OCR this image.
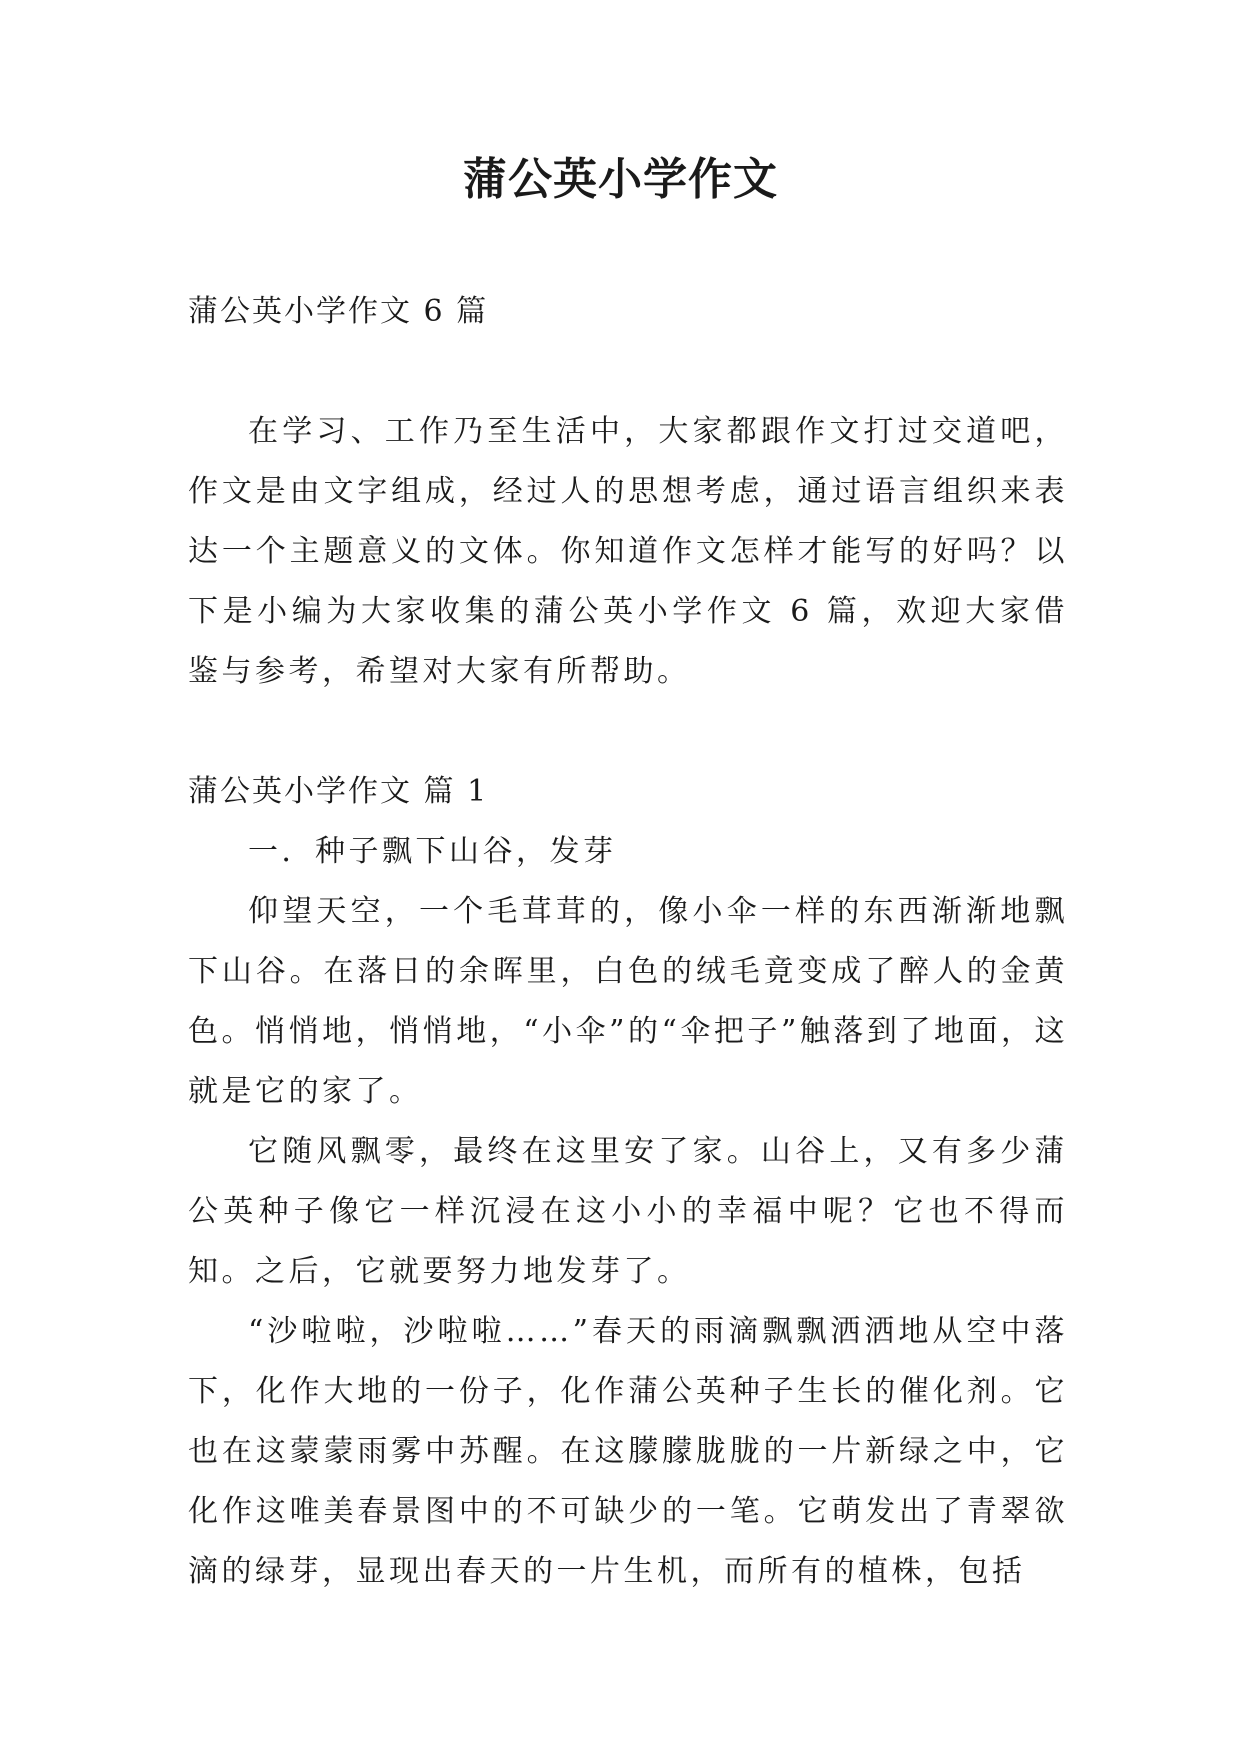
蒲公英小学作文
蒲公英小学作文 6 篇

在学习、工作乃至生活中，大家都跟作文打过交道吧，作文是由文字组成，经过人的思想考虑，通过语言组织来表达一个主题意义的文体。你知道作文怎样才能写的好吗？以下是小编为大家收集的蒲公英小学作文 6 篇，欢迎大家借鉴与参考，希望对大家有所帮助。

蒲公英小学作文 篇 1

一．种子飘下山谷，发芽

仰望天空，一个毛茸茸的，像小伞一样的东西渐渐地飘下山谷。在落日的余晖里，白色的绒毛竟变成了醉人的金黄色。悄悄地，悄悄地，“小伞”的“伞把子”触落到了地面，这就是它的家了。

它随风飘零，最终在这里安了家。山谷上，又有多少蒲公英种子像它一样沉浸在这小小的幸福中呢？它也不得而知。之后，它就要努力地发芽了。

“沙啦啦，沙啦啦……”春天的雨滴飘飘洒洒地从空中落下，化作大地的一份子，化作蒲公英种子生长的催化剂。它也在这蒙蒙雨雾中苏醒。在这朦朦胧胧的一片新绿之中，它化作这唯美春景图中的不可缺少的一笔。它萌发出了青翠欲滴的绿芽，显现出春天的一片生机，而所有的植株，包括
